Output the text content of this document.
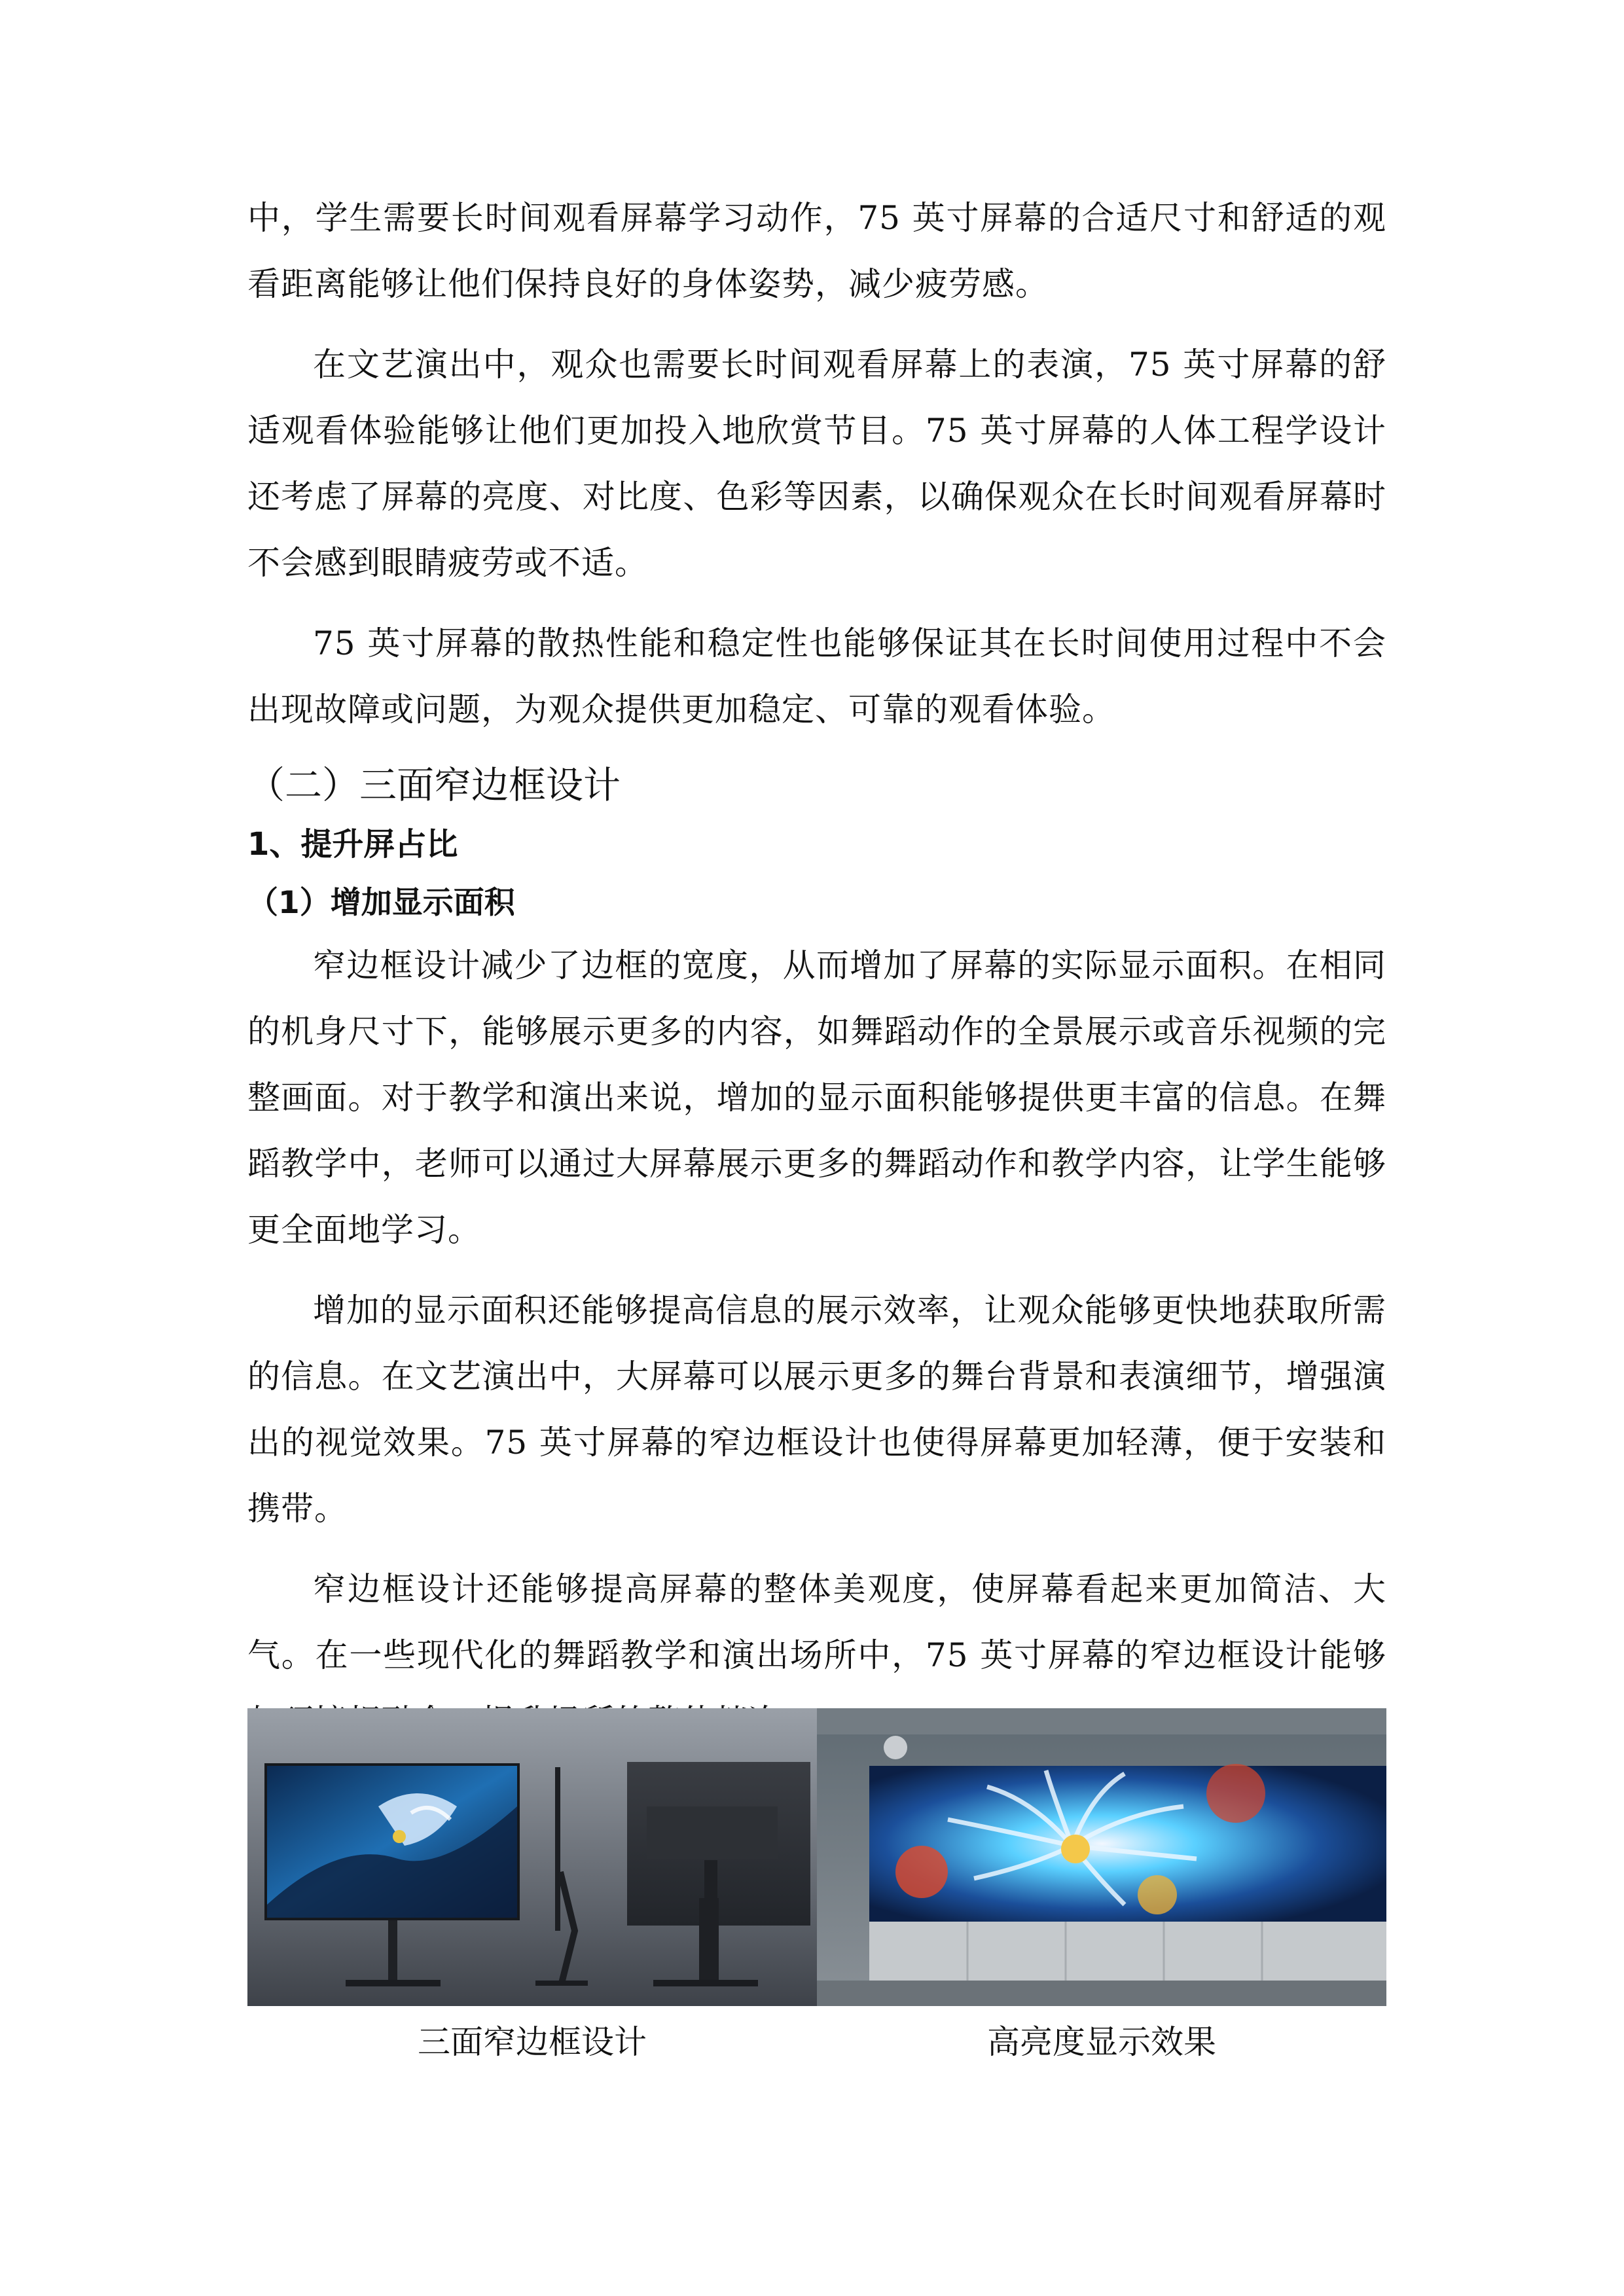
中，学生需要长时间观看屏幕学习动作，75 英寸屏幕的合适尺寸和舒适的观看距离能够让他们保持良好的身体姿势，减少疲劳感。

在文艺演出中，观众也需要长时间观看屏幕上的表演，75 英寸屏幕的舒适观看体验能够让他们更加投入地欣赏节目。75 英寸屏幕的人体工程学设计还考虑了屏幕的亮度、对比度、色彩等因素，以确保观众在长时间观看屏幕时不会感到眼睛疲劳或不适。

75 英寸屏幕的散热性能和稳定性也能够保证其在长时间使用过程中不会出现故障或问题，为观众提供更加稳定、可靠的观看体验。

（二）三面窄边框设计
1、提升屏占比
（1）增加显示面积

窄边框设计减少了边框的宽度，从而增加了屏幕的实际显示面积。在相同的机身尺寸下，能够展示更多的内容，如舞蹈动作的全景展示或音乐视频的完整画面。对于教学和演出来说，增加的显示面积能够提供更丰富的信息。在舞蹈教学中，老师可以通过大屏幕展示更多的舞蹈动作和教学内容，让学生能够更全面地学习。

增加的显示面积还能够提高信息的展示效率，让观众能够更快地获取所需的信息。在文艺演出中，大屏幕可以展示更多的舞台背景和表演细节，增强演出的视觉效果。75 英寸屏幕的窄边框设计也使得屏幕更加轻薄，便于安装和携带。

窄边框设计还能够提高屏幕的整体美观度，使屏幕看起来更加简洁、大气。在一些现代化的舞蹈教学和演出场所中，75 英寸屏幕的窄边框设计能够

三面窄边框设计	高亮度显示效果
